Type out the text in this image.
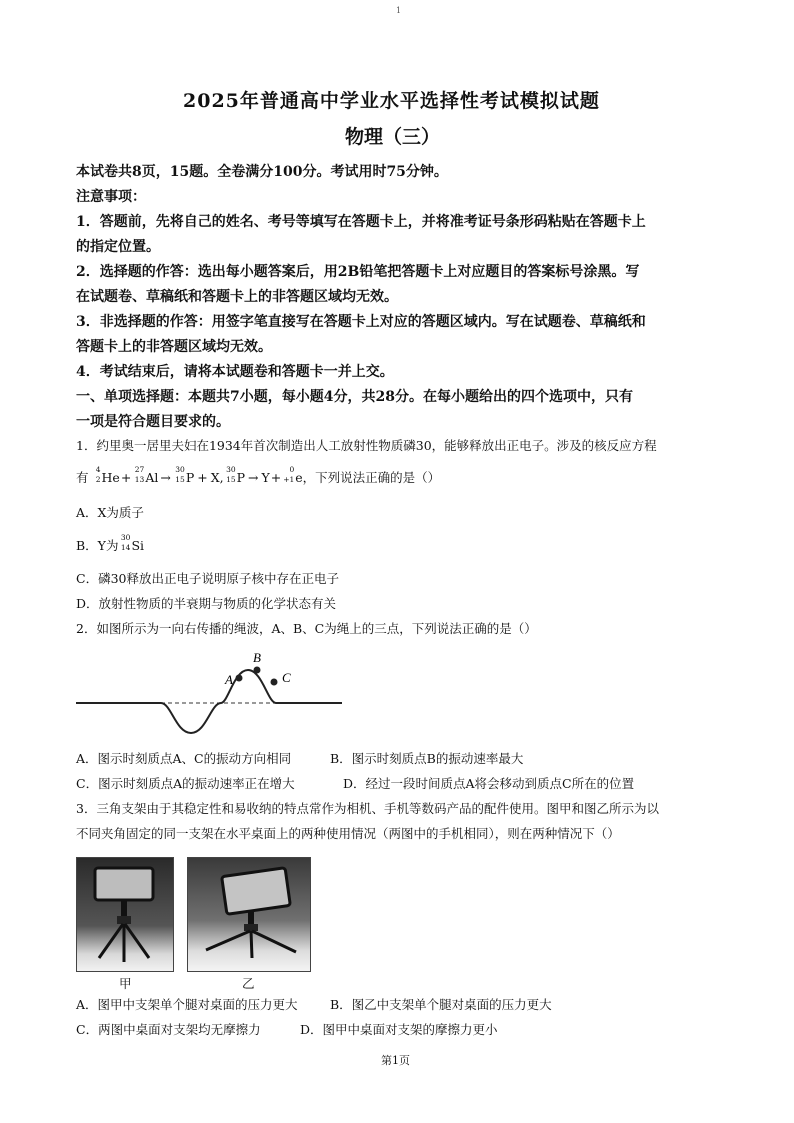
1
2025年普通高中学业水平选择性考试模拟试题
物理（三）
本试卷共8页，15题。全卷满分100分。考试用时75分钟。
注意事项：
1．答题前，先将自己的姓名、考号等填写在答题卡上，并将准考证号条形码粘贴在答题卡上
的指定位置。
2．选择题的作答：选出每小题答案后，用2B铅笔把答题卡上对应题目的答案标号涂黑。写
在试题卷、草稿纸和答题卡上的非答题区域均无效。
3．非选择题的作答：用签字笔直接写在答题卡上对应的答题区域内。写在试题卷、草稿纸和
答题卡上的非答题区域均无效。
4．考试结束后，请将本试题卷和答题卡一并上交。
一、单项选择题：本题共7小题，每小题4分，共28分。在每小题给出的四个选项中，只有
一项是符合题目要求的。
1．约里奥一居里夫妇在1934年首次制造出人工放射性物质磷30，能够释放出正电子。涉及的核反应方程
有
4
2 He+
27
13 Al →
30
15 P + X,
30
15 P → Y+
0
+1 e，下列说法正确的是（）
A．X为质子
B．Y为
30
14 Si
C．磷30释放出正电子说明原子核中存在正电子
D．放射性物质的半衰期与物质的化学状态有关
2．如图所示为一向右传播的绳波，A、B、C为绳上的三点，下列说法正确的是（）
A
B
C
A．图示时刻质点A、C的振动方向相同	B．图示时刻质点B的振动速率最大
C．图示时刻质点A的振动速率正在增大	D．经过一段时间质点A将会移动到质点C所在的位置
3．三角支架由于其稳定性和易收纳的特点常作为相机、手机等数码产品的配件使用。图甲和图乙所示为以
不同夹角固定的同一支架在水平桌面上的两种使用情况（两图中的手机相同），则在两种情况下（）
甲	乙
A．图甲中支架单个腿对桌面的压力更大	B．图乙中支架单个腿对桌面的压力更大
C．两图中桌面对支架均无摩擦力	D．图甲中桌面对支架的摩擦力更小
第1页
